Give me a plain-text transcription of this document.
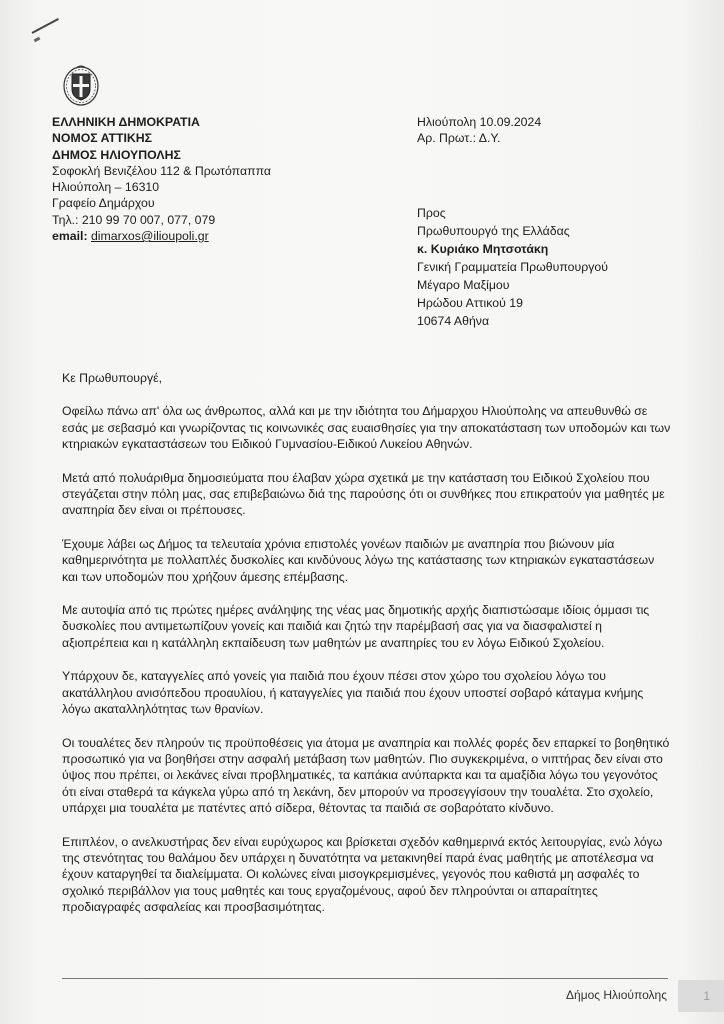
ΕΛΛΗΝΙΚΗ ΔΗΜΟΚΡΑΤΙΑ
ΝΟΜΟΣ ΑΤΤΙΚΗΣ
ΔΗΜΟΣ ΗΛΙΟΥΠΟΛΗΣ
Σοφοκλή Βενιζέλου 112 & Πρωτόπαππα
Ηλιούπολη – 16310
Γραφείο Δημάρχου
Τηλ.: 210 99 70 007, 077, 079
email: dimarxos@ilioupoli.gr
Ηλιούπολη 10.09.2024
Αρ. Πρωτ.: Δ.Υ.
Προς
Πρωθυπουργό της Ελλάδας
κ. Κυριάκο Μητσοτάκη
Γενική Γραμματεία Πρωθυπουργού
Μέγαρο Μαξίμου
Ηρώδου Αττικού 19
10674 Αθήνα

Κε Πρωθυπουργέ,

Οφείλω πάνω απ' όλα ως άνθρωπος, αλλά και με την ιδιότητα του Δήμαρχου Ηλιούπολης να απευθυνθώ σε εσάς με σεβασμό και γνωρίζοντας τις κοινωνικές σας ευαισθησίες για την αποκατάσταση των υποδομών και των κτηριακών εγκαταστάσεων του Ειδικού Γυμνασίου-Ειδικού Λυκείου Αθηνών.

Μετά από πολυάριθμα δημοσιεύματα που έλαβαν χώρα σχετικά με την κατάσταση του Ειδικού Σχολείου που στεγάζεται στην πόλη μας, σας επιβεβαιώνω διά της παρούσης ότι οι συνθήκες που επικρατούν για μαθητές με αναπηρία δεν είναι οι πρέπουσες.

Έχουμε λάβει ως Δήμος τα τελευταία χρόνια επιστολές γονέων παιδιών με αναπηρία που βιώνουν μία καθημερινότητα με πολλαπλές δυσκολίες και κινδύνους λόγω της κατάστασης των κτηριακών εγκαταστάσεων και των υποδομών που χρήζουν άμεσης επέμβασης.

Με αυτοψία από τις πρώτες ημέρες ανάληψης της νέας μας δημοτικής αρχής διαπιστώσαμε ιδίοις όμμασι τις δυσκολίες που αντιμετωπίζουν γονείς και παιδιά και ζητώ την παρέμβασή σας για να διασφαλιστεί η αξιοπρέπεια και η κατάλληλη εκπαίδευση των μαθητών με αναπηρίες του εν λόγω Ειδικού Σχολείου.

Υπάρχουν δε, καταγγελίες από γονείς για παιδιά που έχουν πέσει στον χώρο του σχολείου λόγω του ακατάλληλου ανισόπεδου προαυλίου, ή καταγγελίες για παιδιά που έχουν υποστεί σοβαρό κάταγμα κνήμης λόγω ακαταλληλότητας των θρανίων.

Οι τουαλέτες δεν πληρούν τις προϋποθέσεις για άτομα με αναπηρία και πολλές φορές δεν επαρκεί το βοηθητικό προσωπικό για να βοηθήσει στην ασφαλή μετάβαση των μαθητών. Πιο συγκεκριμένα, ο νιπτήρας δεν είναι στο ύψος που πρέπει, οι λεκάνες είναι προβληματικές, τα καπάκια ανύπαρκτα και τα αμαξίδια λόγω του γεγονότος ότι είναι σταθερά τα κάγκελα γύρω από τη λεκάνη, δεν μπορούν να προσεγγίσουν την τουαλέτα. Στο σχολείο, υπάρχει μια τουαλέτα με πατέντες από σίδερα, θέτοντας τα παιδιά σε σοβαρότατο κίνδυνο.

Επιπλέον, ο ανελκυστήρας δεν είναι ευρύχωρος και βρίσκεται σχεδόν καθημερινά εκτός λειτουργίας, ενώ λόγω της στενότητας του θαλάμου δεν υπάρχει η δυνατότητα να μετακινηθεί παρά ένας μαθητής με αποτέλεσμα να έχουν καταργηθεί τα διαλείμματα. Οι κολώνες είναι μισογκρεμισμένες, γεγονός που καθιστά μη ασφαλές το σχολικό περιβάλλον για τους μαθητές και τους εργαζομένους, αφού δεν πληρούνται οι απαραίτητες προδιαγραφές ασφαλείας και προσβασιμότητας.

Δήμος Ηλιούπολης	1
